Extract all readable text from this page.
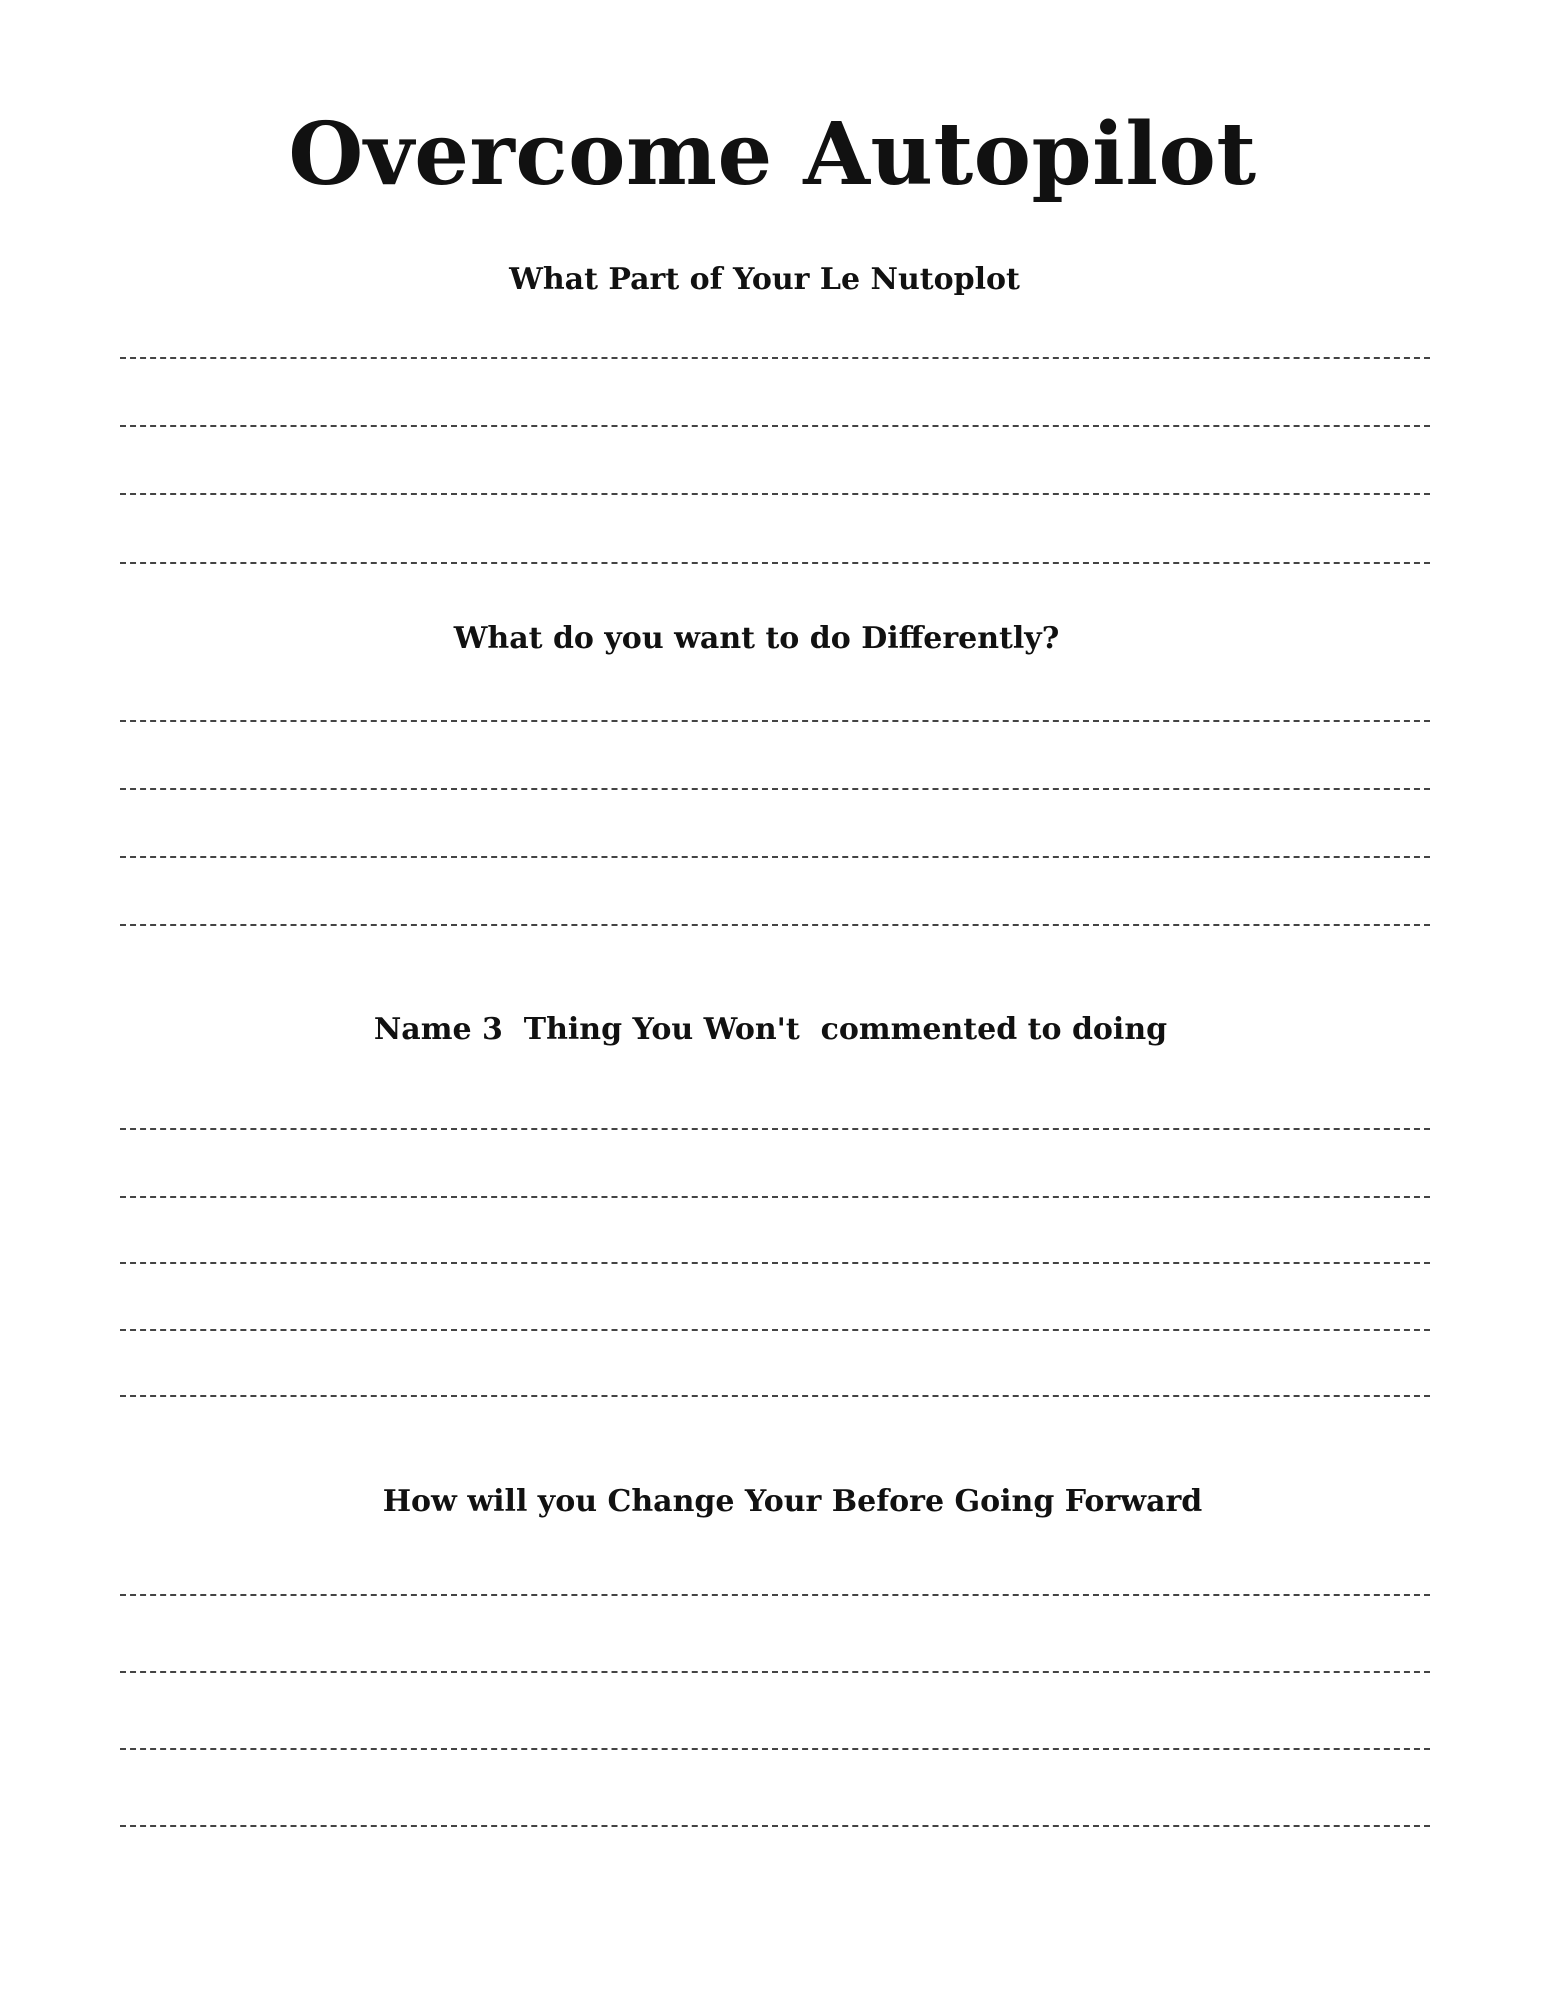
Overcome Autopilot
What Part of Your Le Nutoplot
What do you want to do Differently?
Name 3  Thing You Won't  commented to doing
How will you Change Your Before Going Forward
